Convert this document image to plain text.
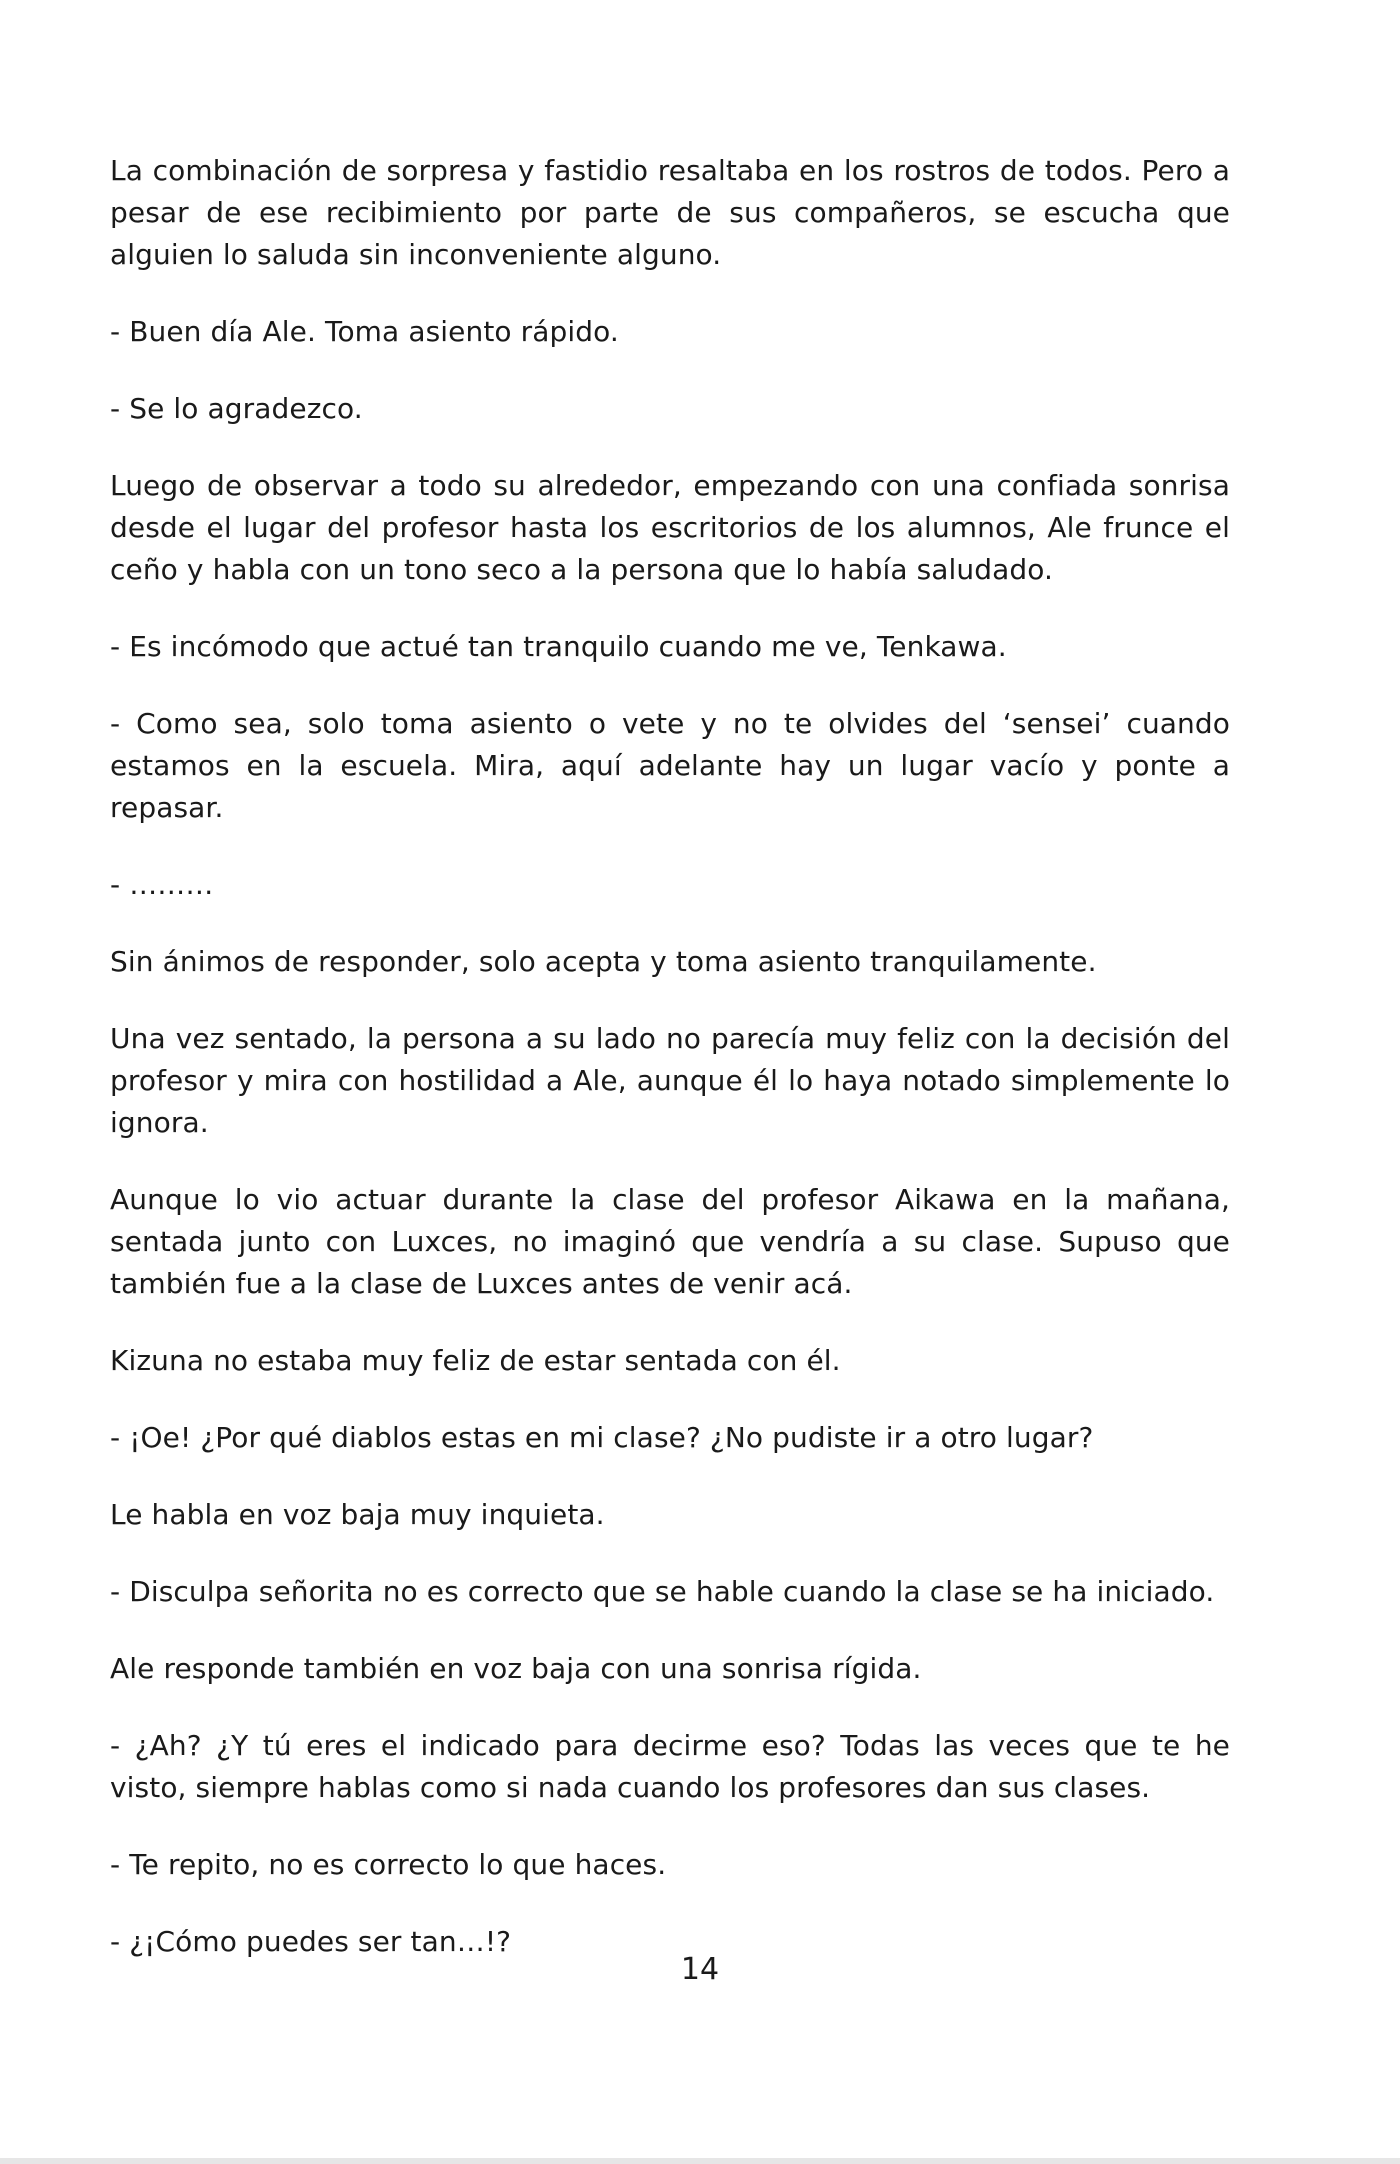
La combinación de sorpresa y fastidio resaltaba en los rostros de todos. Pero a pesar de ese recibimiento por parte de sus compañeros, se escucha que alguien lo saluda sin inconveniente alguno.

- Buen día Ale. Toma asiento rápido.

- Se lo agradezco.

Luego de observar a todo su alrededor, empezando con una confiada sonrisa desde el lugar del profesor hasta los escritorios de los alumnos, Ale frunce el ceño y habla con un tono seco a la persona que lo había saludado.

- Es incómodo que actué tan tranquilo cuando me ve, Tenkawa.

- Como sea, solo toma asiento o vete y no te olvides del ‘sensei’ cuando estamos en la escuela. Mira, aquí adelante hay un lugar vacío y ponte a repasar.

- ………

Sin ánimos de responder, solo acepta y toma asiento tranquilamente.

Una vez sentado, la persona a su lado no parecía muy feliz con la decisión del profesor y mira con hostilidad a Ale, aunque él lo haya notado simplemente lo ignora.

Aunque lo vio actuar durante la clase del profesor Aikawa en la mañana, sentada junto con Luxces, no imaginó que vendría a su clase. Supuso que también fue a la clase de Luxces antes de venir acá.

Kizuna no estaba muy feliz de estar sentada con él.

- ¡Oe! ¿Por qué diablos estas en mi clase? ¿No pudiste ir a otro lugar?

Le habla en voz baja muy inquieta.

- Disculpa señorita no es correcto que se hable cuando la clase se ha iniciado.

Ale responde también en voz baja con una sonrisa rígida.

- ¿Ah? ¿Y tú eres el indicado para decirme eso? Todas las veces que te he visto, siempre hablas como si nada cuando los profesores dan sus clases.

- Te repito, no es correcto lo que haces.

- ¿¡Cómo puedes ser tan…!?

14
